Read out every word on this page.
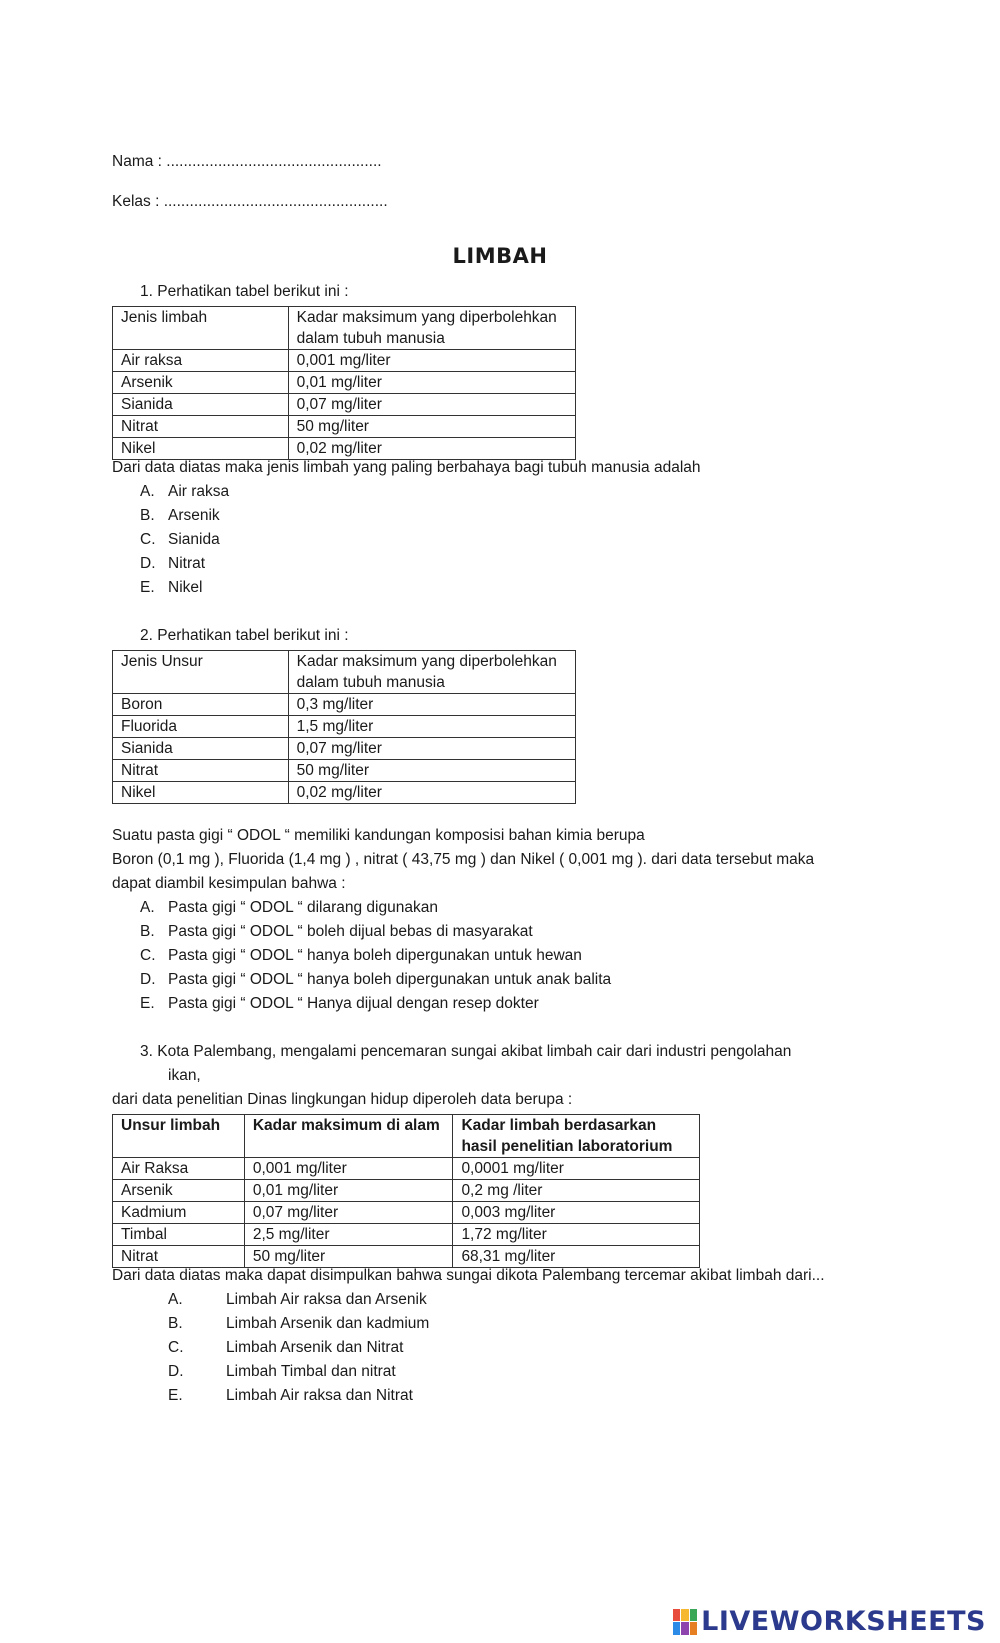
Nama : ..................................................
Kelas : ....................................................
LIMBAH
1. Perhatikan tabel berikut ini :
Jenis limbah	Kadar maksimum yang diperbolehkan dalam tubuh manusia
Air raksa	0,001 mg/liter
Arsenik	0,01 mg/liter
Sianida	0,07 mg/liter
Nitrat	50 mg/liter
Nikel	0,02 mg/liter
Dari data diatas maka jenis limbah yang paling berbahaya bagi tubuh manusia adalah
A. Air raksa
B. Arsenik
C. Sianida
D. Nitrat
E. Nikel
2. Perhatikan tabel berikut ini :
Jenis Unsur	Kadar maksimum yang diperbolehkan dalam tubuh manusia
Boron	0,3 mg/liter
Fluorida	1,5 mg/liter
Sianida	0,07 mg/liter
Nitrat	50 mg/liter
Nikel	0,02 mg/liter
Suatu pasta gigi “ ODOL “ memiliki kandungan komposisi bahan kimia berupa
Boron (0,1 mg ), Fluorida (1,4 mg ) , nitrat ( 43,75 mg ) dan Nikel ( 0,001 mg ). dari data tersebut maka
dapat diambil kesimpulan bahwa :
A. Pasta gigi “ ODOL “ dilarang digunakan
B. Pasta gigi “ ODOL “ boleh dijual bebas di masyarakat
C. Pasta gigi “ ODOL “ hanya boleh dipergunakan untuk hewan
D. Pasta gigi “ ODOL “ hanya boleh dipergunakan untuk anak balita
E. Pasta gigi “ ODOL “ Hanya dijual dengan resep dokter
3. Kota Palembang, mengalami pencemaran sungai akibat limbah cair dari industri pengolahan
ikan,
dari data penelitian Dinas lingkungan hidup diperoleh data berupa :
Unsur limbah	Kadar maksimum di alam	Kadar limbah berdasarkan hasil penelitian laboratorium
Air Raksa	0,001 mg/liter	0,0001 mg/liter
Arsenik	0,01 mg/liter	0,2 mg /liter
Kadmium	0,07 mg/liter	0,003 mg/liter
Timbal	2,5 mg/liter	1,72 mg/liter
Nitrat	50 mg/liter	68,31 mg/liter
Dari data diatas maka dapat disimpulkan bahwa sungai dikota Palembang tercemar akibat limbah dari...
A.	Limbah Air raksa dan Arsenik
B.	Limbah Arsenik dan kadmium
C.	Limbah Arsenik dan Nitrat
D.	Limbah Timbal dan nitrat
E.	Limbah Air raksa dan Nitrat
LIVEWORKSHEETS
